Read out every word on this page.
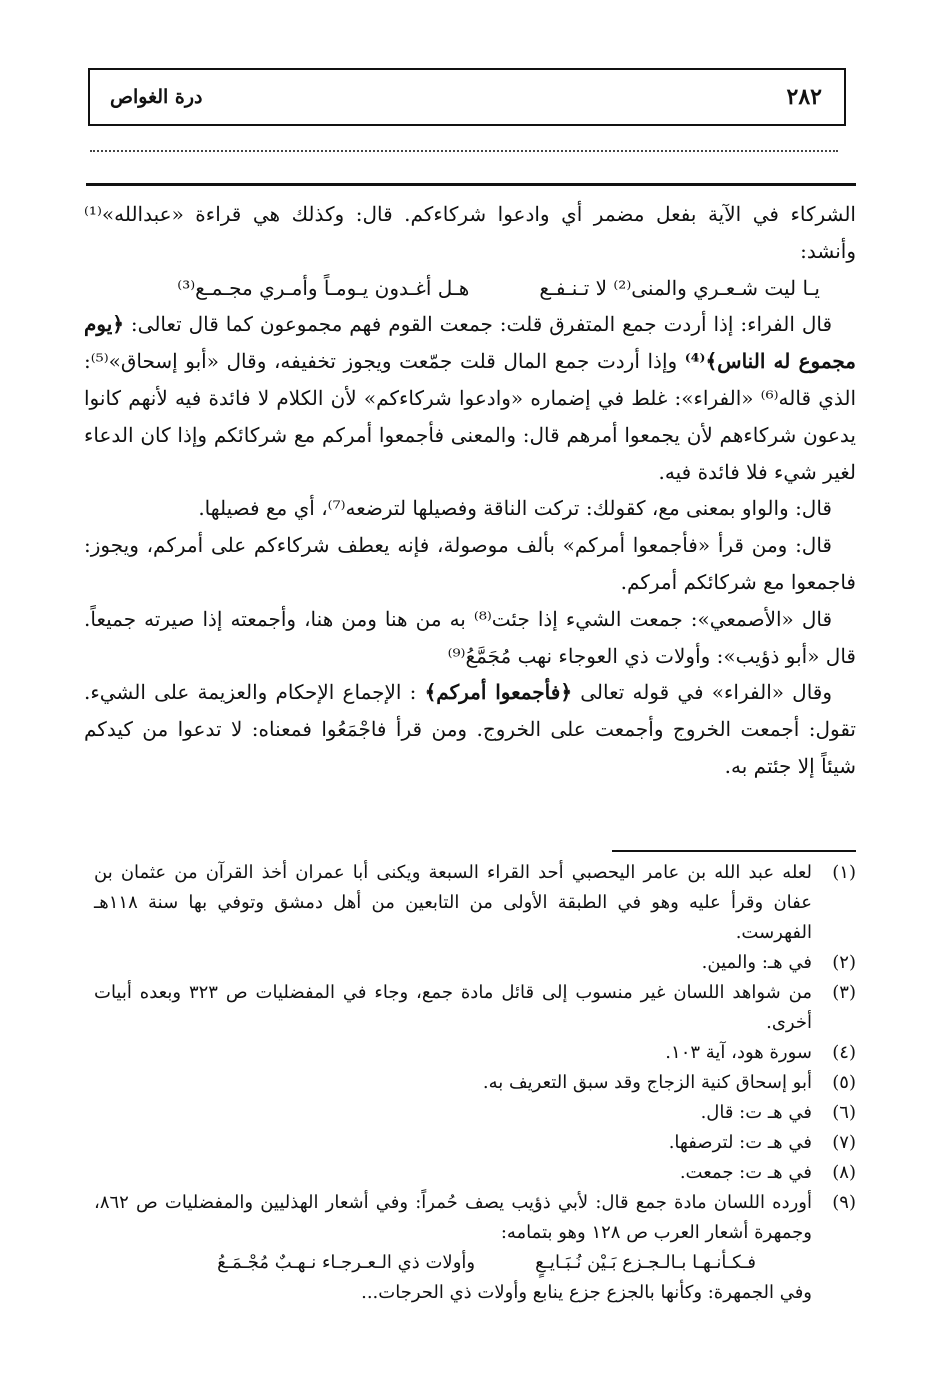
٢٨٢
درة الغواص

الشركاء في الآية بفعل مضمر أي وادعوا شركاءكم. قال: وكذلك هي قراءة «عبدالله»⁽¹⁾ وأنشد:

يـا ليت شـعـري والمنى⁽²⁾ لا تـنـفـع
هـل أغـدون يـومـاً وأمـري مجـمـع⁽³⁾

قال الفراء: إذا أردت جمع المتفرق قلت: جمعت القوم فهم مجموعون كما قال تعالى: ﴿يوم مجموع له الناس﴾⁽⁴⁾ وإذا أردت جمع المال قلت جمّعت ويجوز تخفيفه، وقال «أبو إسحاق»⁽⁵⁾: الذي قاله⁽⁶⁾ «الفراء»: غلط في إضماره «وادعوا شركاءكم» لأن الكلام لا فائدة فيه لأنهم كانوا يدعون شركاءهم لأن يجمعوا أمرهم قال: والمعنى فأجمعوا أمركم مع شركائكم وإذا كان الدعاء لغير شيء فلا فائدة فيه.

قال: والواو بمعنى مع، كقولك: تركت الناقة وفصيلها لترضعه⁽⁷⁾، أي مع فصيلها.

قال: ومن قرأ «فأجمعوا أمركم» بألف موصولة، فإنه يعطف شركاءكم على أمركم، ويجوز: فاجمعوا مع شركائكم أمركم.

قال «الأصمعي»: جمعت الشيء إذا جئت⁽⁸⁾ به من هنا ومن هنا، وأجمعته إذا صيرته جميعاً. قال «أبو ذؤيب»: وأولات ذي العوجاء نهب مُجَمَّعُ⁽⁹⁾

وقال «الفراء» في قوله تعالى ﴿فأجمعوا أمركم﴾ : الإجماع الإحكام والعزيمة على الشيء. تقول: أجمعت الخروج وأجمعت على الخروج. ومن قرأ فاجْمَعُوا فمعناه: لا تدعوا من كيدكم شيئاً إلا جئتم به.

(١)
لعله عبد الله بن عامر اليحصبي أحد القراء السبعة ويكنى أبا عمران أخذ القرآن من عثمان بن عفان وقرأ عليه وهو في الطبقة الأولى من التابعين من أهل دمشق وتوفي بها سنة ١١٨هـ الفهرست.
(٢)
في هـ: والمين.
(٣)
من شواهد اللسان غير منسوب إلى قائل مادة جمع، وجاء في المفضليات ص ٣٢٣ وبعده أبيات أخرى.
(٤)
سورة هود، آية ١٠٣.
(٥)
أبو إسحاق كنية الزجاج وقد سبق التعريف به.
(٦)
في هـ ت: قال.
(٧)
في هـ ت: لترصفها.
(٨)
في هـ ت: جمعت.
(٩)
أورده اللسان مادة جمع قال: لأبي ذؤيب يصف حُمراً: وفي أشعار الهذليين والمفضليات ص ٨٦٢، وجمهرة أشعار العرب ص ١٢٨ وهو بتمامه:
فـكـأنـهـا بـالـجـزع بَـيْن نُـبَـايـعٍ
وأولات ذي الـعـرجـاء نـهـبٌ مُجْـمَـعُ
وفي الجمهرة: وكأنها بالجزع جزع ينابع وأولات ذي الحرجات...
